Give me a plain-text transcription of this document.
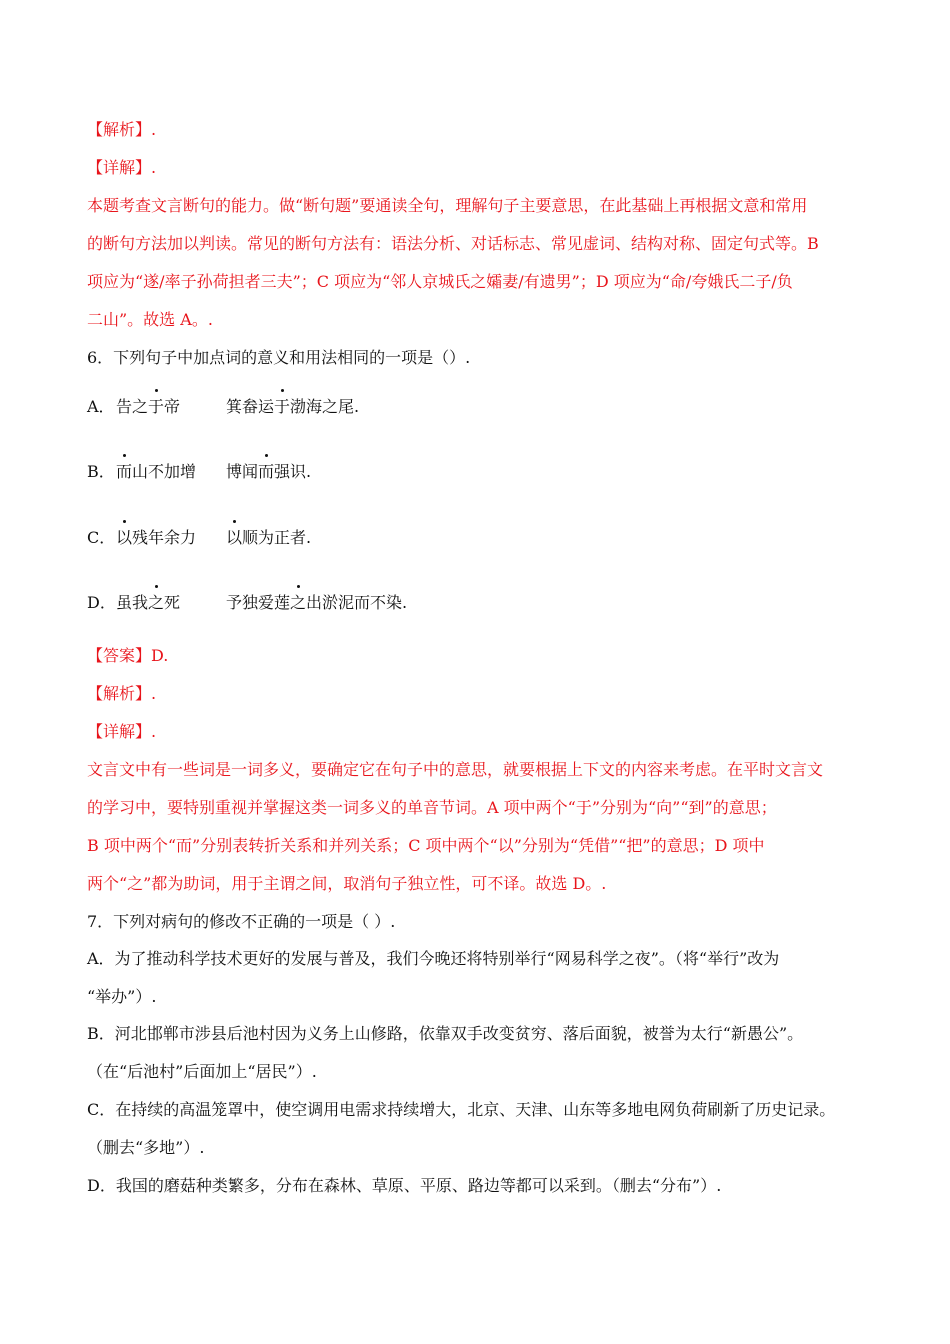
【解析】.
【详解】.
本题考查文言断句的能力。做“断句题”要通读全句，理解句子主要意思，在此基础上再根据文意和常用
的断句方法加以判读。常见的断句方法有：语法分析、对话标志、常见虚词、结构对称、固定句式等。B
项应为“遂/率子孙荷担者三夫”；C 项应为“邻人京城氏之孀妻/有遗男”；D 项应为“命/夸娥氏二子/负
二山”。故选 A。.
6．下列句子中加点词的意义和用法相同的一项是（）.
A． 告之于帝	箕畚运于渤海之尾.
B． 而山不加增 博闻而强识.
C． 以残年余力 以顺为正者.
D． 虽我之死	予独爱莲之出淤泥而不染.
【答案】D.
【解析】.
【详解】.
文言文中有一些词是一词多义，要确定它在句子中的意思，就要根据上下文的内容来考虑。在平时文言文
的学习中，要特别重视并掌握这类一词多义的单音节词。A 项中两个“于”分别为“向”“到”的意思；
B 项中两个“而”分别表转折关系和并列关系；C 项中两个“以”分别为“凭借”“把”的意思；D 项中
两个“之”都为助词，用于主谓之间，取消句子独立性，可不译。故选 D。.
7．下列对病句的修改不正确的一项是（ ）.
A．为了推动科学技术更好的发展与普及，我们今晚还将特别举行“网易科学之夜”。（将“举行”改为
“举办”）.
B．河北邯郸市涉县后池村因为义务上山修路，依靠双手改变贫穷、落后面貌，被誉为太行“新愚公”。
（在“后池村”后面加上“居民”）.
C．在持续的高温笼罩中，使空调用电需求持续增大，北京、天津、山东等多地电网负荷刷新了历史记录。
（删去“多地”）.
D．我国的磨菇种类繁多，分布在森林、草原、平原、路边等都可以采到。（删去“分布”）.
